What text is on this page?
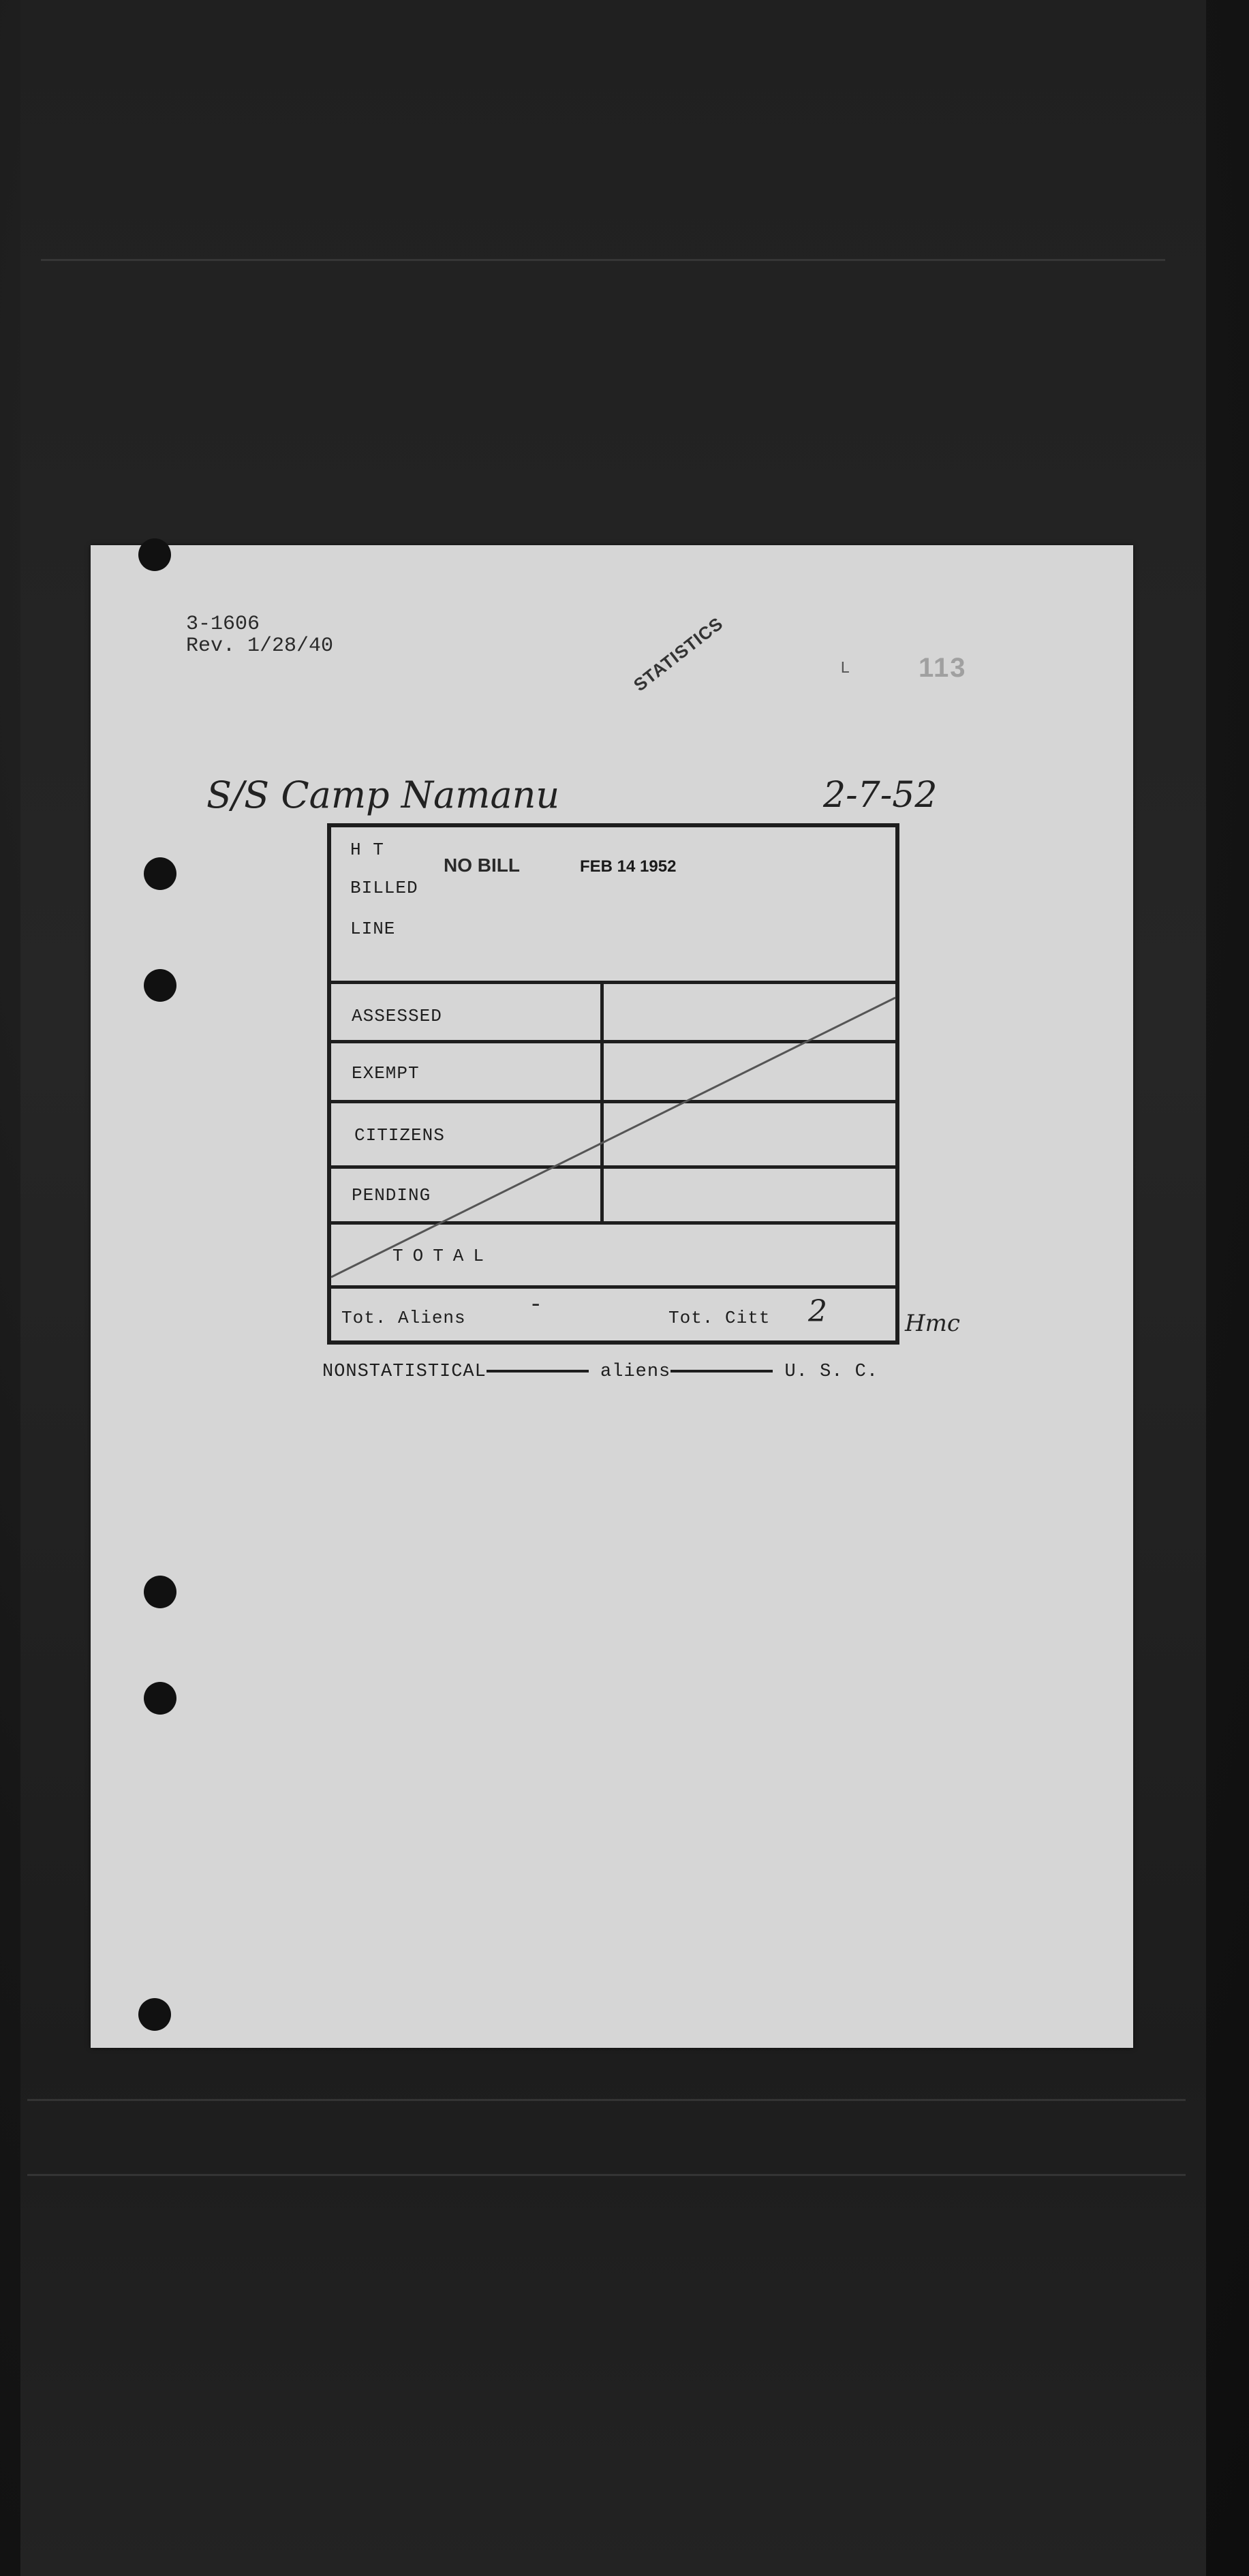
3-1606
Rev. 1/28/40
L	113
STATISTICS
S/S Camp Namanu	2-7-52
H T
BILLED
LINE
NO BILL	FEB 14 1952
ASSESSED
EXEMPT
CITIZENS
PENDING
TOTAL
Tot. Aliens	-	Tot. Citt 2	Hmc
NONSTATISTICAL	aliens	U. S. C.
